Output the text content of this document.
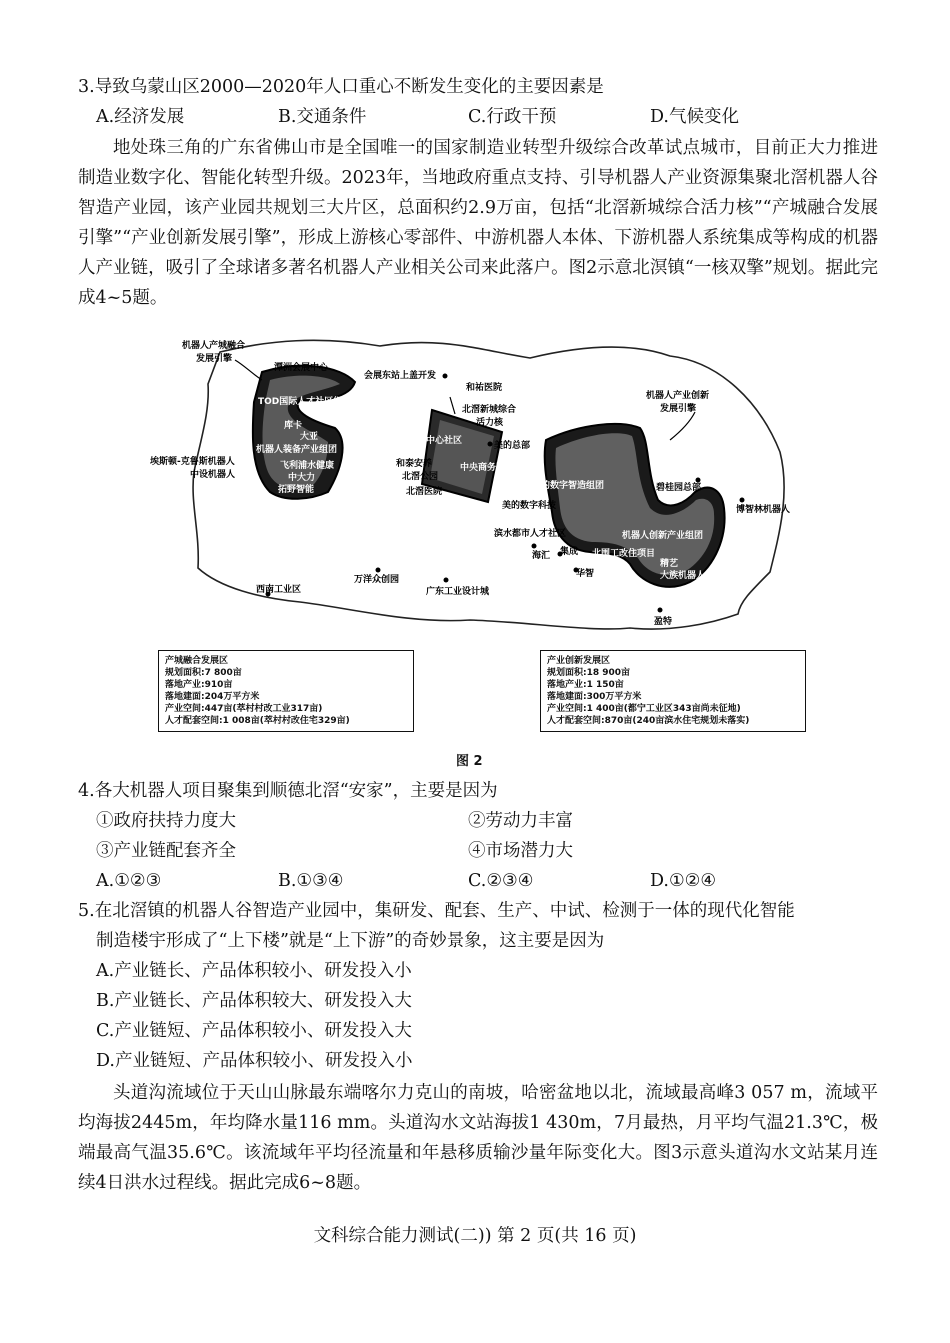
3.导致乌蒙山区2000—2020年人口重心不断发生变化的主要因素是
A.经济发展	B.交通条件	C.行政干预	D.气候变化
地处珠三角的广东省佛山市是全国唯一的国家制造业转型升级综合改革试点城市，目前正大力推进制造业数字化、智能化转型升级。2023年，当地政府重点支持、引导机器人产业资源集聚北滘机器人谷智造产业园，该产业园共规划三大片区，总面积约2.9万亩，包括“北滘新城综合活力核”“产城融合发展引擎”“产业创新发展引擎”，形成上游核心零部件、中游机器人本体、下游机器人系统集成等构成的机器人产业链，吸引了全球诸多著名机器人产业相关公司来此落户。图2示意北溟镇“一核双擎”规划。据此完成4~5题。
机器人产城融合
发展引擎
潭洲会展中心
会展东站上盖开发
TOD国际人才社区组团
库卡
大亚
机器人装备产业组团
埃斯顿-克鲁斯机器人
中设机器人
飞利浦水健康
中大力
拓野智能
和祐医院
北滘新城综合
活力核
中心社区	美的总部
和泰安养
北滘公园
中央商务区
北滘医院
机器人产业创新
发展引擎
美的数字智造组团	碧桂园总部
美的数字科技	博智林机器人
滨水都市人才社区	机器人创新产业组团
海汇 集成 北围工改住项目
精艺
华智	大族机器人
盈特
西南工业区
万洋众创园
广东工业设计城
产城融合发展区
规划面积:7 800亩
落地产业:910亩
落地建面:204万平方米
产业空间:447亩(萃村村改工业317亩)
人才配套空间:1 008亩(萃村村改住宅329亩)
产业创新发展区
规划面积:18 900亩
落地产业:1 150亩
落地建面:300万平方米
产业空间:1 400亩(都宁工业区343亩尚未征地)
人才配套空间:870亩(240亩滨水住宅规划未落实)
图 2
4.各大机器人项目聚集到顺德北滘“安家”，主要是因为
①政府扶持力度大	②劳动力丰富
③产业链配套齐全	④市场潜力大
A.①②③	B.①③④	C.②③④	D.①②④
5.在北滘镇的机器人谷智造产业园中，集研发、配套、生产、中试、检测于一体的现代化智能
制造楼宇形成了“上下楼”就是“上下游”的奇妙景象，这主要是因为
A.产业链长、产品体积较小、研发投入小
B.产业链长、产品体积较大、研发投入大
C.产业链短、产品体积较小、研发投入大
D.产业链短、产品体积较小、研发投入小
头道沟流域位于天山山脉最东端喀尔力克山的南坡，哈密盆地以北，流域最高峰3 057 m，流域平均海拔2445m，年均降水量116 mm。头道沟水文站海拔1 430m，7月最热，月平均气温21.3℃，极端最高气温35.6℃。该流域年平均径流量和年悬移质输沙量年际变化大。图3示意头道沟水文站某月连续4日洪水过程线。据此完成6~8题。
文科综合能力测试(二)) 第 2 页(共 16 页)
